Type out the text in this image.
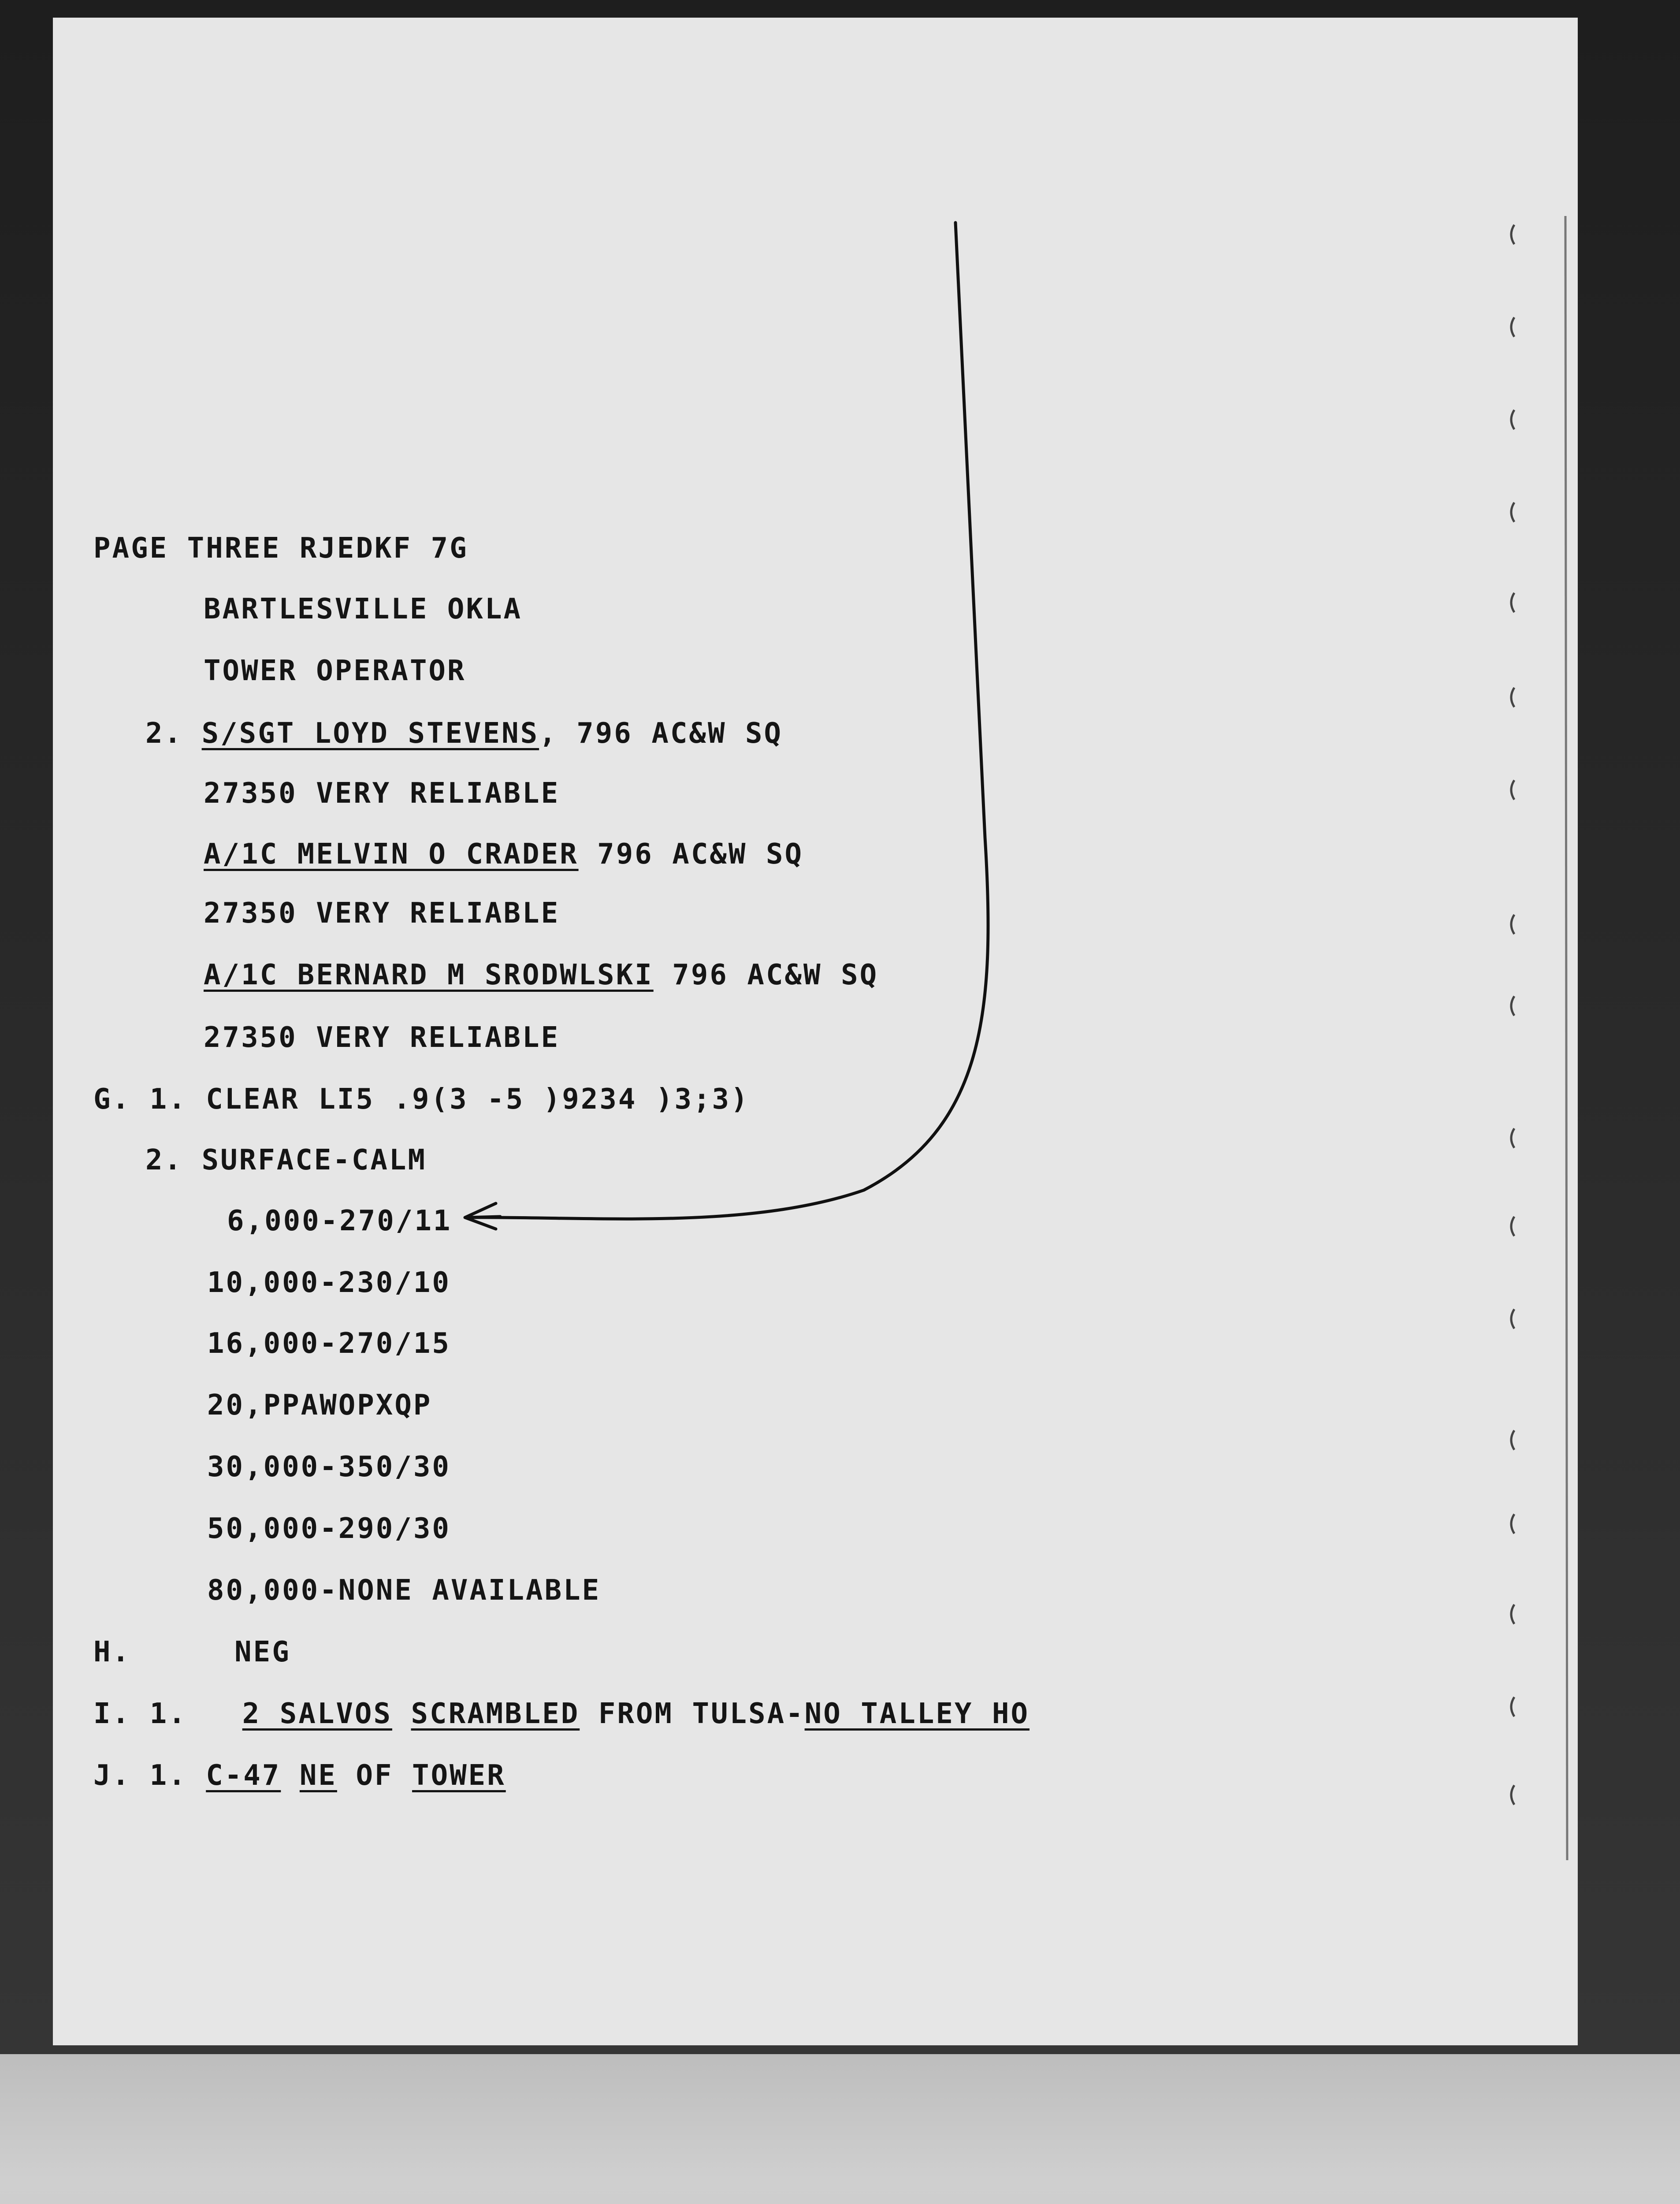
PAGE THREE RJEDKF 7G
BARTLESVILLE OKLA
TOWER OPERATOR
2. S/SGT LOYD STEVENS, 796 AC&W SQ
27350 VERY RELIABLE
A/1C MELVIN O CRADER 796 AC&W SQ
27350 VERY RELIABLE
A/1C BERNARD M SRODWLSKI 796 AC&W SQ
27350 VERY RELIABLE
G. 1. CLEAR LI5 .9(3 -5 )9234 )3;3)
2. SURFACE-CALM
6,000-270/11
10,000-230/10
16,000-270/15
20,PPAWOPXQP
30,000-350/30
50,000-290/30
80,000-NONE AVAILABLE
H.	NEG
I. 1. 2 SALVOS SCRAMBLED FROM TULSA-NO TALLEY HO
J. 1. C-47 NE OF TOWER
